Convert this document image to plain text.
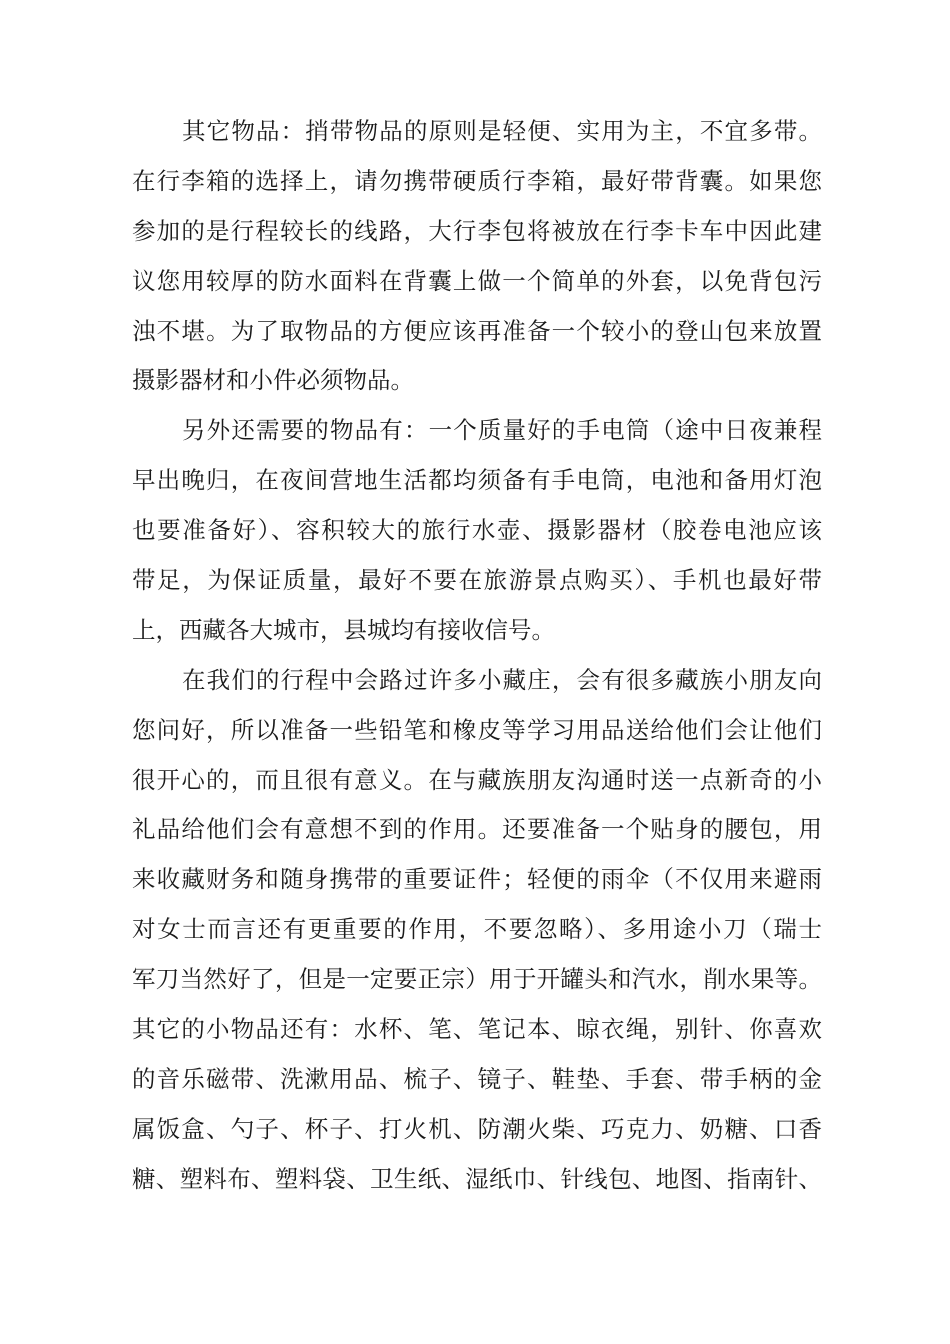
其它物品：捎带物品的原则是轻便、实用为主，不宜多带。
在行李箱的选择上，请勿携带硬质行李箱，最好带背囊。如果您
参加的是行程较长的线路，大行李包将被放在行李卡车中因此建
议您用较厚的防水面料在背囊上做一个简单的外套，以免背包污
浊不堪。为了取物品的方便应该再准备一个较小的登山包来放置
摄影器材和小件必须物品。
另外还需要的物品有：一个质量好的手电筒（途中日夜兼程
早出晚归，在夜间营地生活都均须备有手电筒，电池和备用灯泡
也要准备好）、容积较大的旅行水壶、摄影器材（胶卷电池应该
带足，为保证质量，最好不要在旅游景点购买）、手机也最好带
上，西藏各大城市，县城均有接收信号。
在我们的行程中会路过许多小藏庄，会有很多藏族小朋友向
您问好，所以准备一些铅笔和橡皮等学习用品送给他们会让他们
很开心的，而且很有意义。在与藏族朋友沟通时送一点新奇的小
礼品给他们会有意想不到的作用。还要准备一个贴身的腰包，用
来收藏财务和随身携带的重要证件；轻便的雨伞（不仅用来避雨
对女士而言还有更重要的作用，不要忽略）、多用途小刀（瑞士
军刀当然好了，但是一定要正宗）用于开罐头和汽水，削水果等。
其它的小物品还有：水杯、笔、笔记本、晾衣绳，别针、你喜欢
的音乐磁带、洗漱用品、梳子、镜子、鞋垫、手套、带手柄的金
属饭盒、勺子、杯子、打火机、防潮火柴、巧克力、奶糖、口香
糖、塑料布、塑料袋、卫生纸、湿纸巾、针线包、地图、指南针、
